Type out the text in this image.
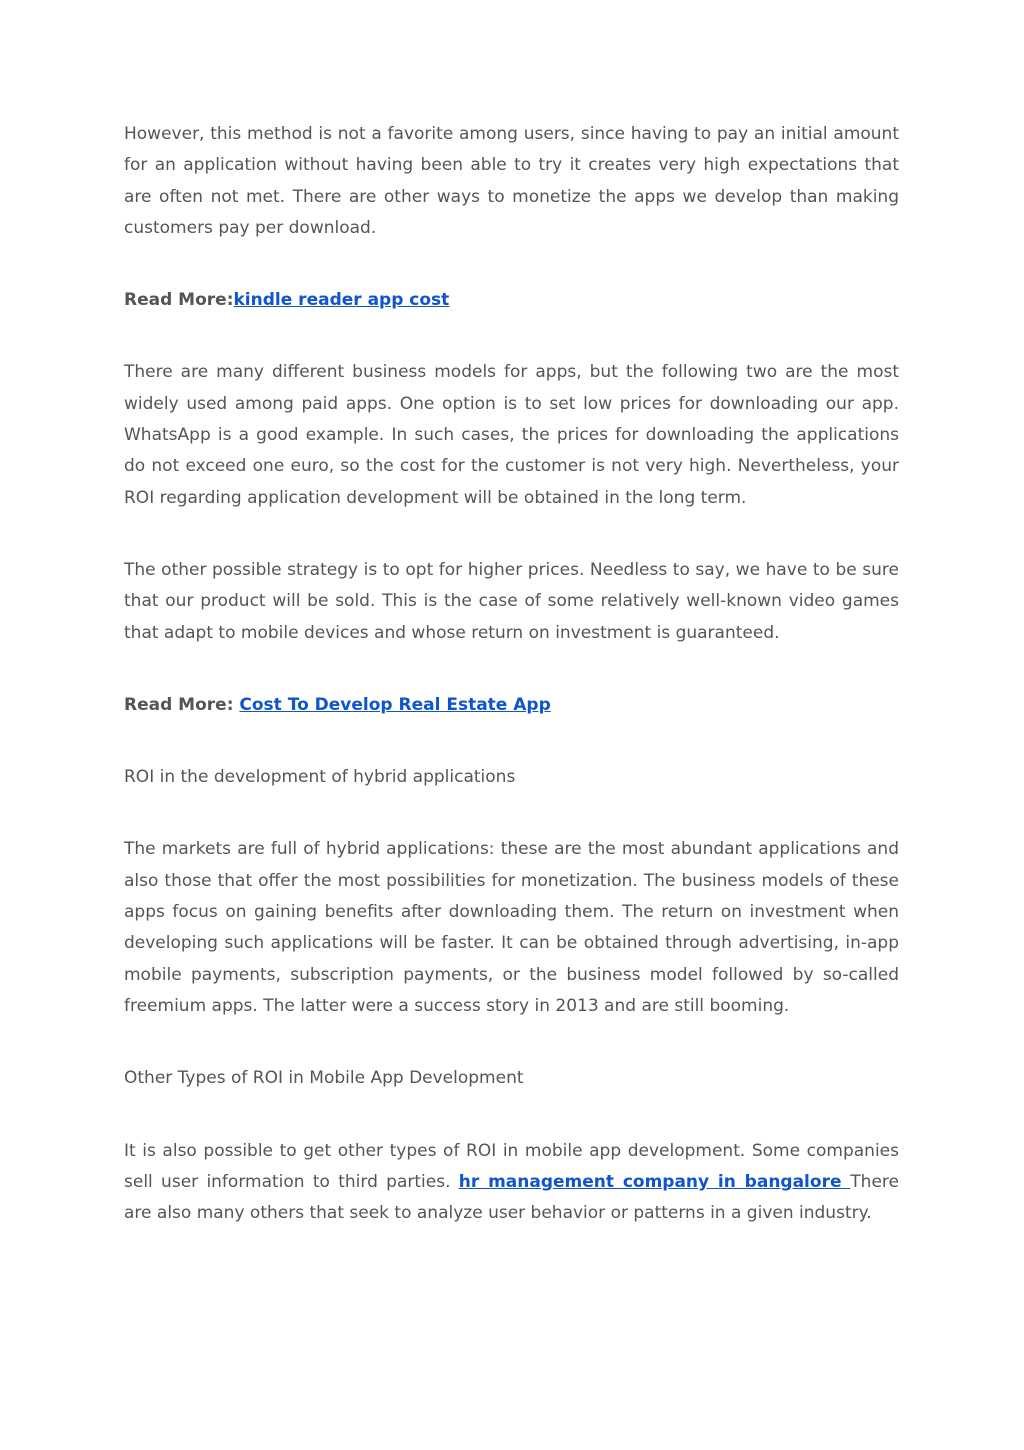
However, this method is not a favorite among users, since having to pay an initial amount for an application without having been able to try it creates very high expectations that are often not met. There are other ways to monetize the apps we develop than making customers pay per download.

Read More:kindle reader app cost

There are many different business models for apps, but the following two are the most widely used among paid apps. One option is to set low prices for downloading our app. WhatsApp is a good example. In such cases, the prices for downloading the applications do not exceed one euro, so the cost for the customer is not very high. Nevertheless, your ROI regarding application development will be obtained in the long term.

The other possible strategy is to opt for higher prices. Needless to say, we have to be sure that our product will be sold. This is the case of some relatively well-known video games that adapt to mobile devices and whose return on investment is guaranteed.

Read More: Cost To Develop Real Estate App

ROI in the development of hybrid applications

The markets are full of hybrid applications: these are the most abundant applications and also those that offer the most possibilities for monetization. The business models of these apps focus on gaining benefits after downloading them. The return on investment when developing such applications will be faster. It can be obtained through advertising, in-app mobile payments, subscription payments, or the business model followed by so-called freemium apps. The latter were a success story in 2013 and are still booming.

Other Types of ROI in Mobile App Development

It is also possible to get other types of ROI in mobile app development. Some companies sell user information to third parties. hr management company in bangalore There are also many others that seek to analyze user behavior or patterns in a given industry.
